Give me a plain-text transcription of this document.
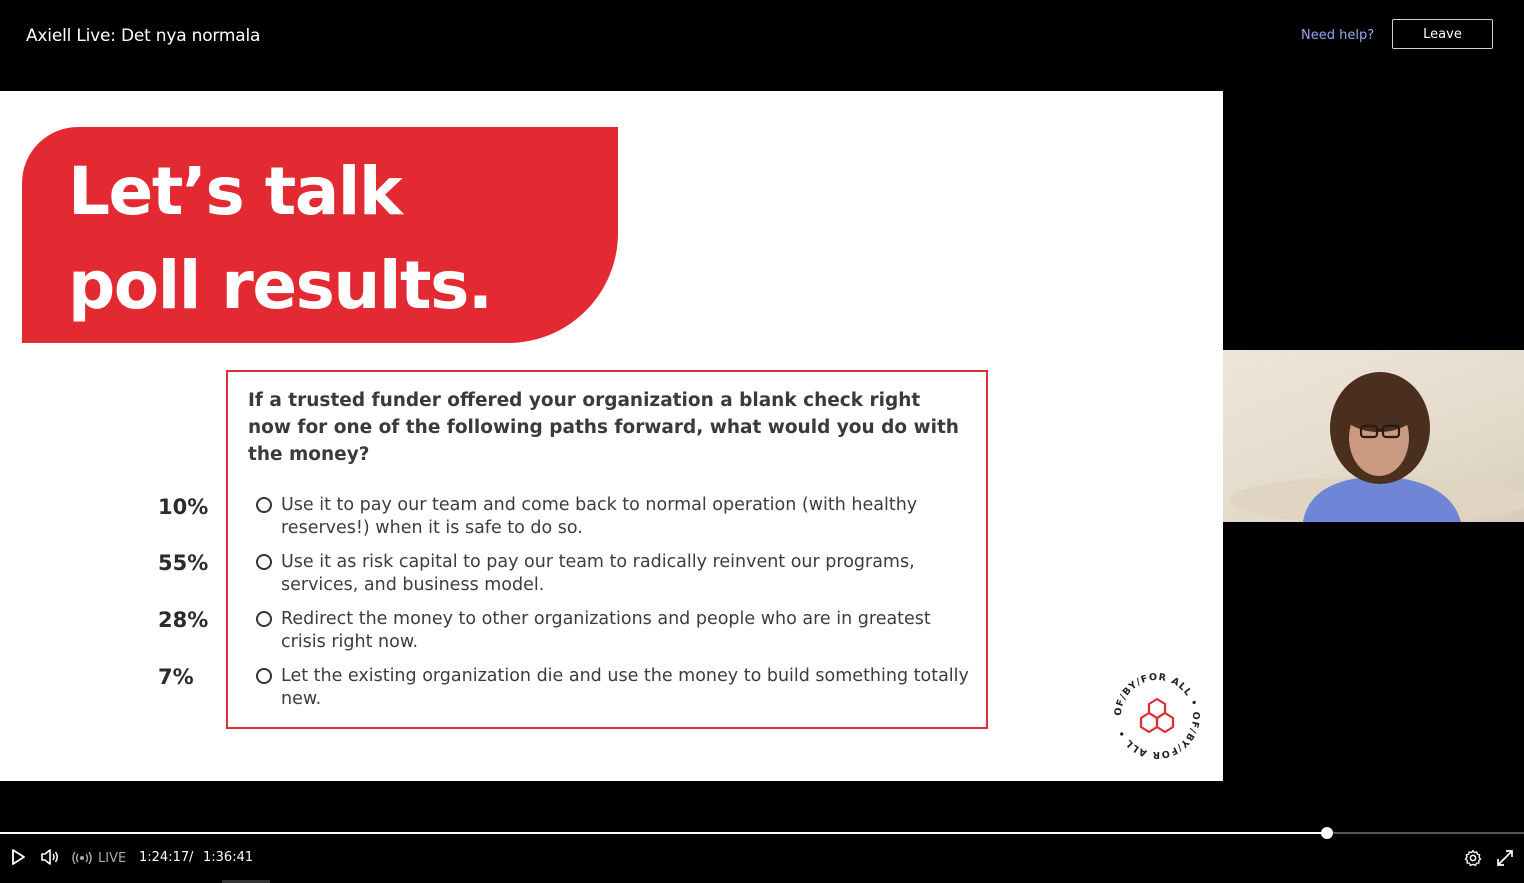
Axiell Live: Det nya normala	Need help?	Leave
Let’s talk
poll results.
10%
55%
28%
7%
If a trusted funder offered your organization a blank check right now for one of the following paths forward, what would you do with the money?
Use it to pay our team and come back to normal operation (with healthy reserves!) when it is safe to do so.
Use it as risk capital to pay our team to radically reinvent our programs, services, and business model.
Redirect the money to other organizations and people who are in greatest crisis right now.
Let the existing organization die and use the money to build something totally new.
OF/BY/FOR ALL • OF/BY/FOR ALL •
LIVE 1:24:17 / 1:36:41
